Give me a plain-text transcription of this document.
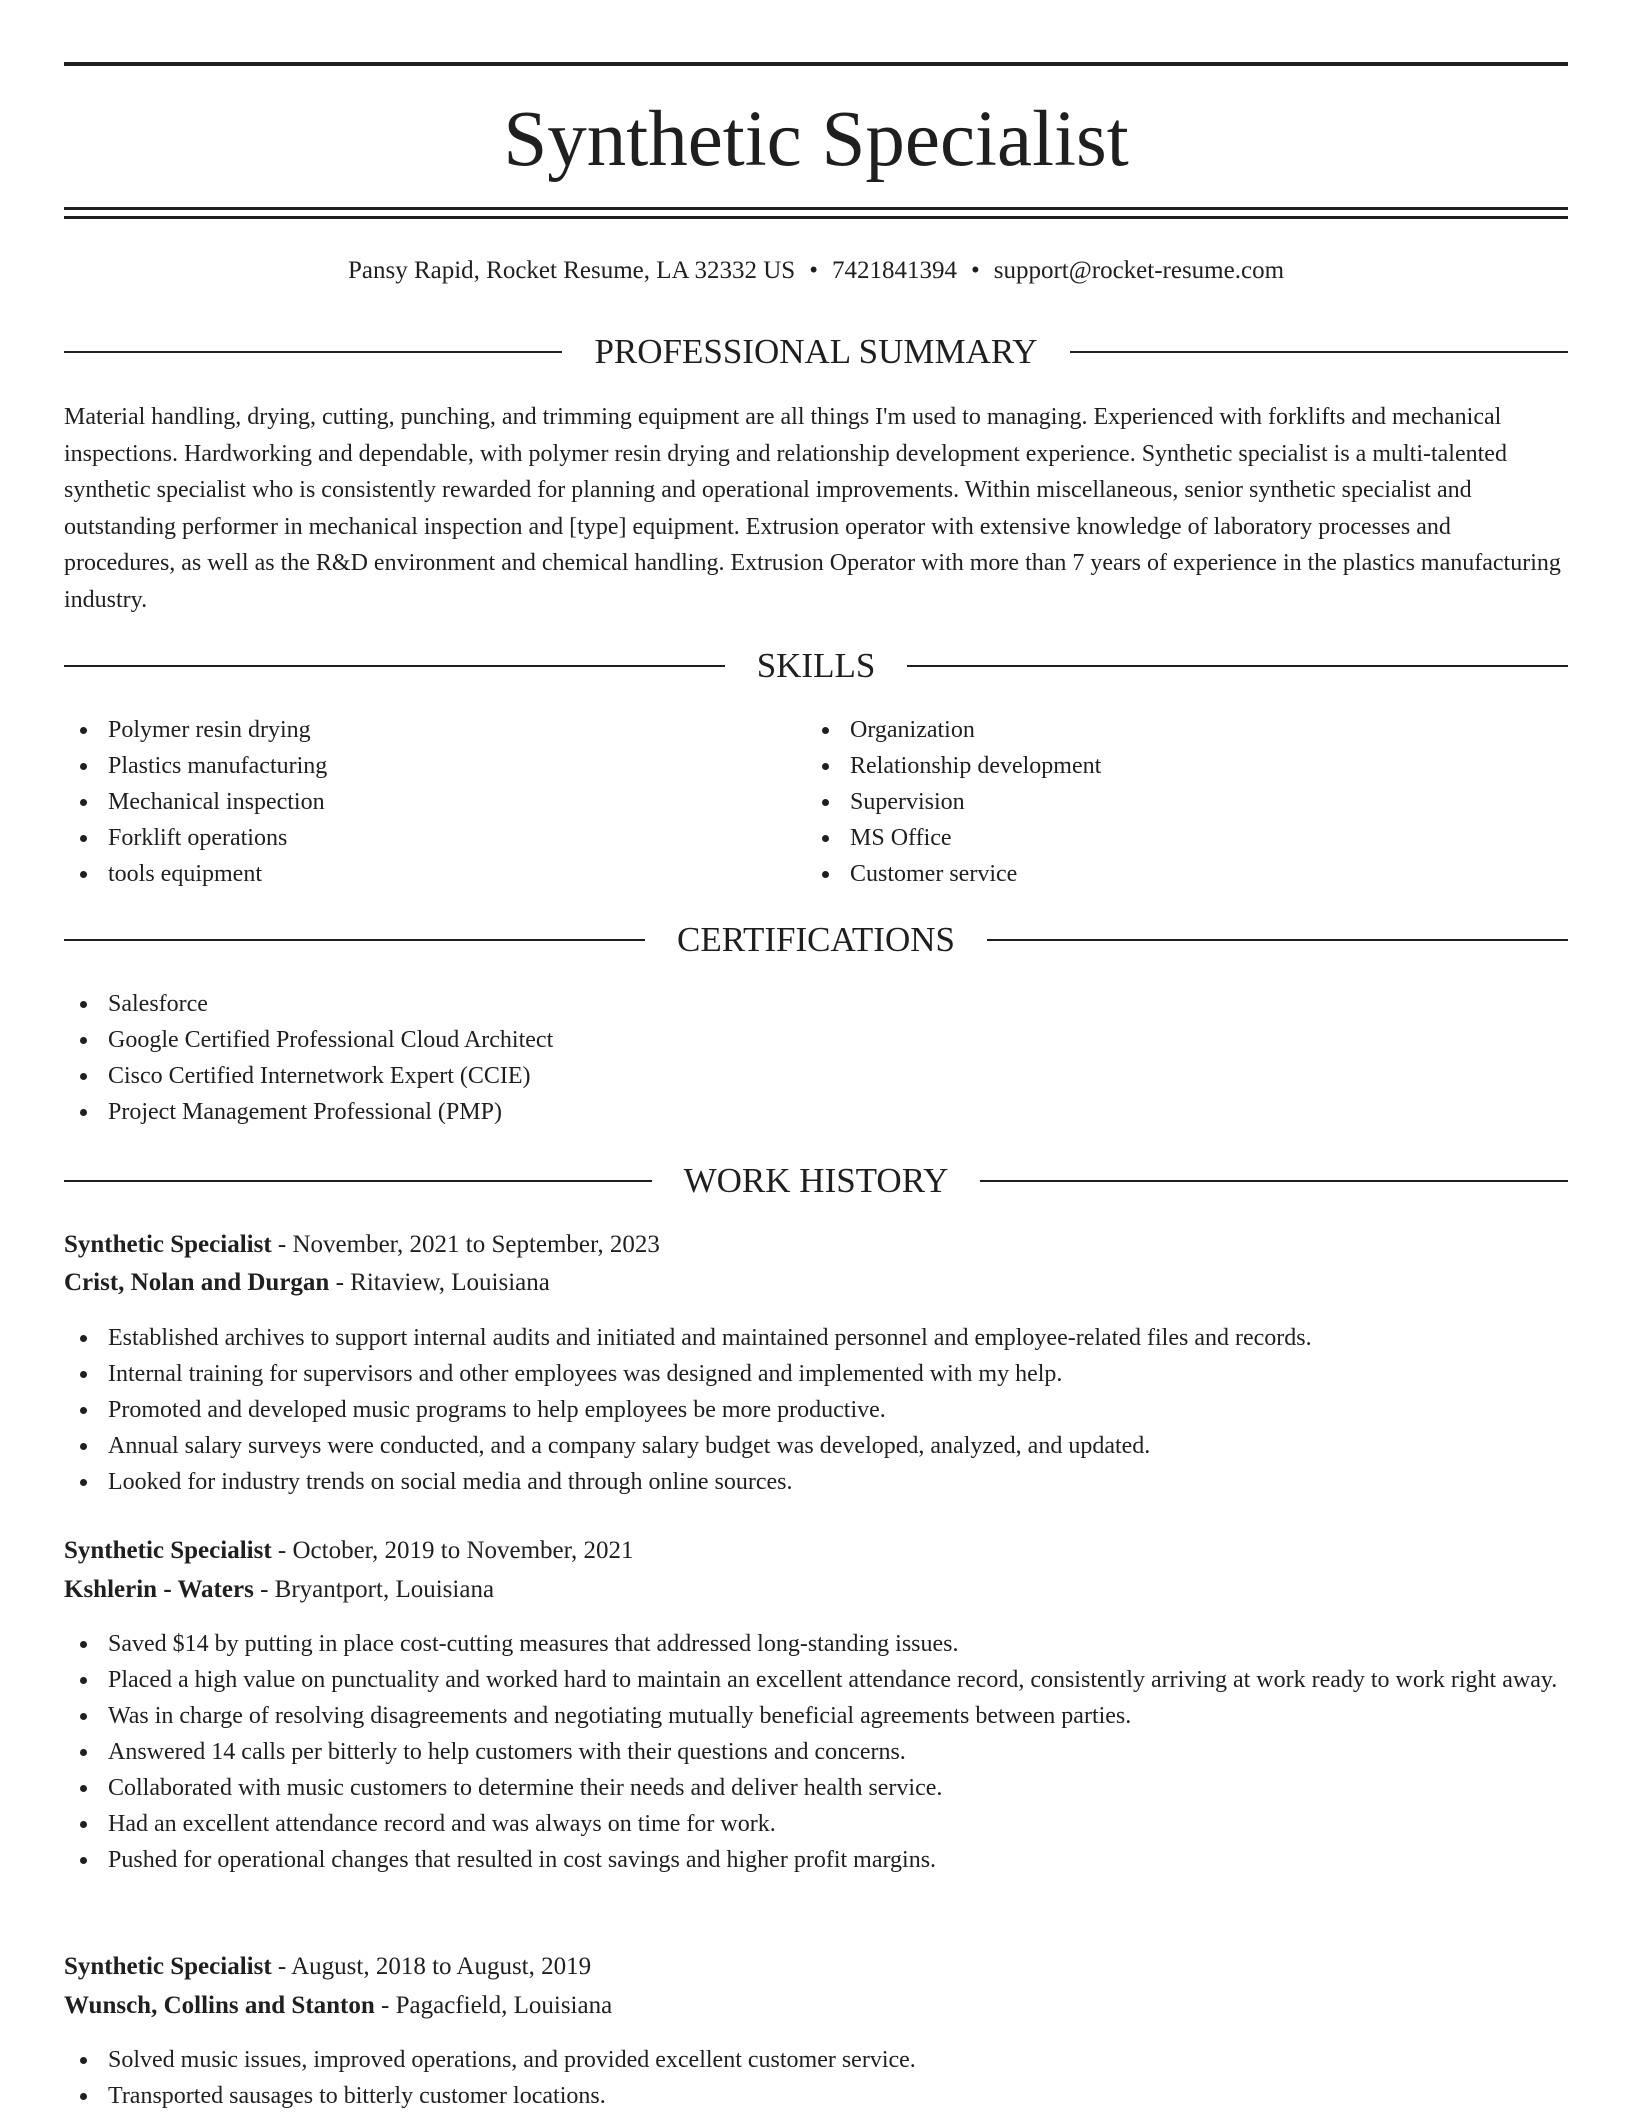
Synthetic Specialist
Pansy Rapid, Rocket Resume, LA 32332 US • 7421841394 • support@rocket-resume.com
PROFESSIONAL SUMMARY

Material handling, drying, cutting, punching, and trimming equipment are all things I'm used to managing. Experienced with forklifts and mechanical inspections. Hardworking and dependable, with polymer resin drying and relationship development experience. Synthetic specialist is a multi-talented synthetic specialist who is consistently rewarded for planning and operational improvements. Within miscellaneous, senior synthetic specialist and outstanding performer in mechanical inspection and [type] equipment. Extrusion operator with extensive knowledge of laboratory processes and procedures, as well as the R&D environment and chemical handling. Extrusion Operator with more than 7 years of experience in the plastics manufacturing industry.

SKILLS
Polymer resin drying
Plastics manufacturing
Mechanical inspection
Forklift operations
tools equipment
Organization
Relationship development
Supervision
MS Office
Customer service
CERTIFICATIONS
Salesforce
Google Certified Professional Cloud Architect
Cisco Certified Internetwork Expert (CCIE)
Project Management Professional (PMP)
WORK HISTORY
Synthetic Specialist - November, 2021 to September, 2023
Crist, Nolan and Durgan - Ritaview, Louisiana
Established archives to support internal audits and initiated and maintained personnel and employee-related files and records.
Internal training for supervisors and other employees was designed and implemented with my help.
Promoted and developed music programs to help employees be more productive.
Annual salary surveys were conducted, and a company salary budget was developed, analyzed, and updated.
Looked for industry trends on social media and through online sources.
Synthetic Specialist - October, 2019 to November, 2021
Kshlerin - Waters - Bryantport, Louisiana
Saved $14 by putting in place cost-cutting measures that addressed long-standing issues.
Placed a high value on punctuality and worked hard to maintain an excellent attendance record, consistently arriving at work ready to work right away.
Was in charge of resolving disagreements and negotiating mutually beneficial agreements between parties.
Answered 14 calls per bitterly to help customers with their questions and concerns.
Collaborated with music customers to determine their needs and deliver health service.
Had an excellent attendance record and was always on time for work.
Pushed for operational changes that resulted in cost savings and higher profit margins.
Synthetic Specialist - August, 2018 to August, 2019
Wunsch, Collins and Stanton - Pagacfield, Louisiana
Solved music issues, improved operations, and provided excellent customer service.
Transported sausages to bitterly customer locations.
